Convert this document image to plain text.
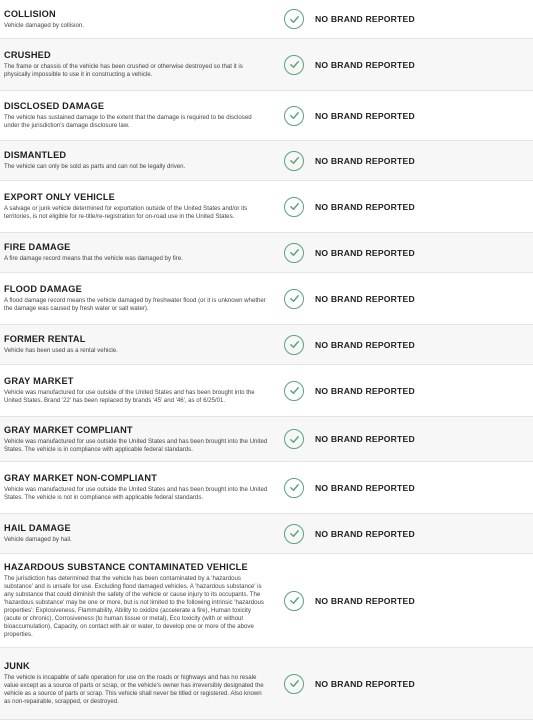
COLLISION
Vehicle damaged by collision.
NO BRAND REPORTED
CRUSHED
The frame or chassis of the vehicle has been crushed or otherwise destroyed so that it is physically impossible to use it in constructing a vehicle.
NO BRAND REPORTED
DISCLOSED DAMAGE
The vehicle has sustained damage to the extent that the damage is required to be disclosed under the jurisdiction's damage disclosure law.
NO BRAND REPORTED
DISMANTLED
The vehicle can only be sold as parts and can not be legally driven.
NO BRAND REPORTED
EXPORT ONLY VEHICLE
A salvage or junk vehicle determined for exportation outside of the United States and/or its territories, is not eligible for re-title/re-registration for on-road use in the United States.
NO BRAND REPORTED
FIRE DAMAGE
A fire damage record means that the vehicle was damaged by fire.
NO BRAND REPORTED
FLOOD DAMAGE
A flood damage record means the vehicle damaged by freshwater flood (or it is unknown whether the damage was caused by fresh water or salt water).
NO BRAND REPORTED
FORMER RENTAL
Vehicle has been used as a rental vehicle.
NO BRAND REPORTED
GRAY MARKET
Vehicle was manufactured for use outside of the United States and has been brought into the United States. Brand '22' has been replaced by brands '45' and '46', as of 6/25/01.
NO BRAND REPORTED
GRAY MARKET COMPLIANT
Vehicle was manufactured for use outside the United States and has been brought into the United States. The vehicle is in compliance with applicable federal standards.
NO BRAND REPORTED
GRAY MARKET NON-COMPLIANT
Vehicle was manufactured for use outside the United States and has been brought into the United States. The vehicle is not in compliance with applicable federal standards.
NO BRAND REPORTED
HAIL DAMAGE
Vehicle damaged by hail.
NO BRAND REPORTED
HAZARDOUS SUBSTANCE CONTAMINATED VEHICLE
The jurisdiction has determined that the vehicle has been contaminated by a 'hazardous substance' and is unsafe for use. Excluding flood damaged vehicles. A 'hazardous substance' is any substance that could diminish the safety of the vehicle or cause injury to its occupants. The 'hazardous substance' may be one or more, but is not limited to the following intrinsic 'hazardous properties': Explosiveness, Flammability, Ability to oxidize (accelerate a fire), Human toxicity (acute or chronic), Corrosiveness (to human tissue or metal), Eco toxicity (with or without bioaccumulation), Capacity, on contact with air or water, to develop one or more of the above properties.
NO BRAND REPORTED
JUNK
The vehicle is incapable of safe operation for use on the roads or highways and has no resale value except as a source of parts or scrap, or the vehicle's owner has irreversibly designated the vehicle as a source of parts or scrap. This vehicle shall never be titled or registered. Also known as non-repairable, scrapped, or destroyed.
NO BRAND REPORTED
